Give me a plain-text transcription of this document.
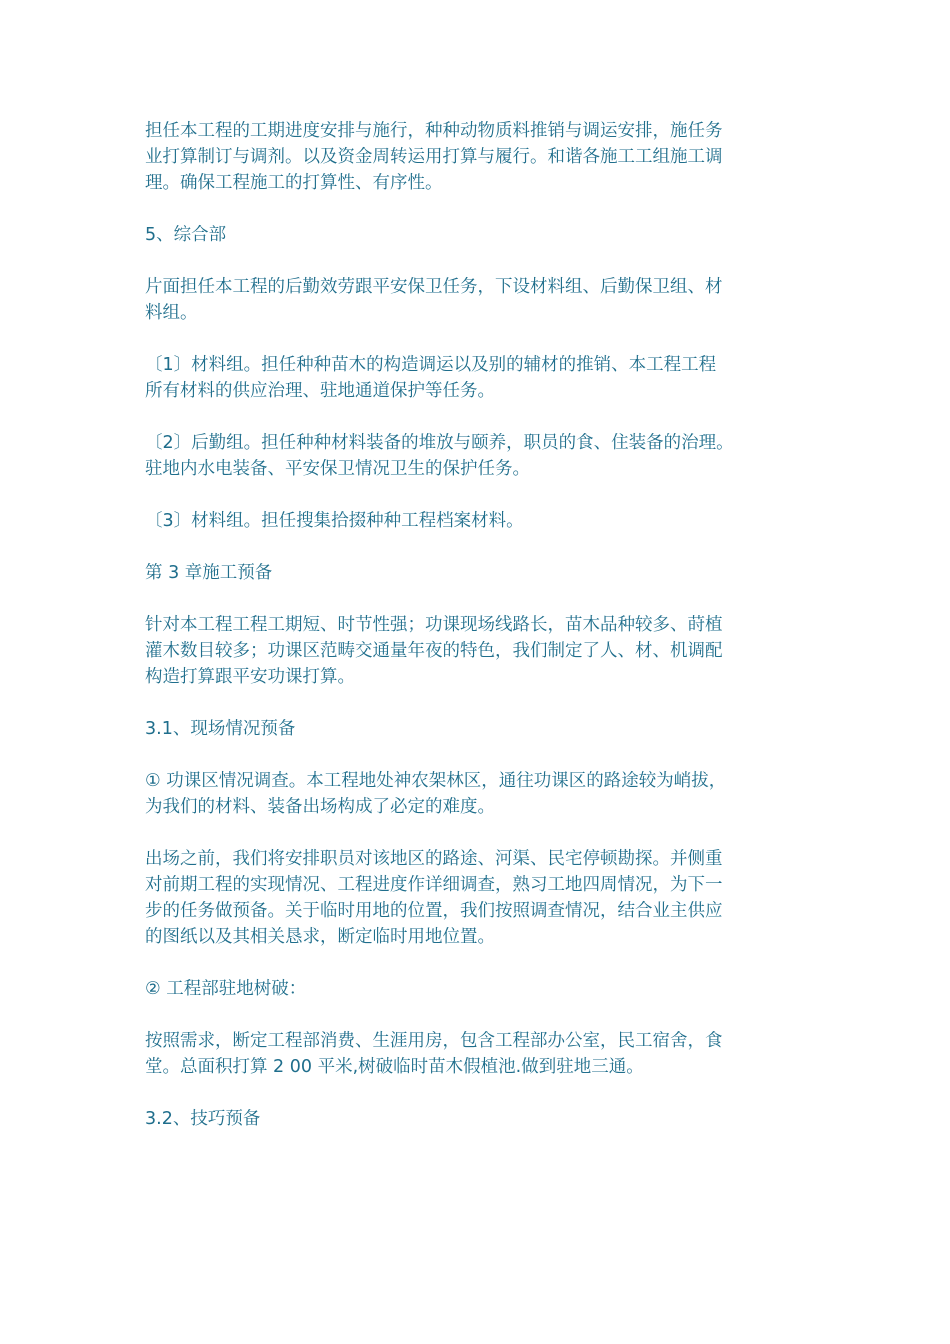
担任本工程的工期进度安排与施行，种种动物质料推销与调运安排，施任务
业打算制订与调剂。以及资金周转运用打算与履行。和谐各施工工组施工调
理。确保工程施工的打算性、有序性。

5、综合部

片面担任本工程的后勤效劳跟平安保卫任务，下设材料组、后勤保卫组、材
料组。

〔1〕材料组。担任种种苗木的构造调运以及别的辅材的推销、本工程工程
所有材料的供应治理、驻地通道保护等任务。

〔2〕后勤组。担任种种材料装备的堆放与颐养，职员的食、住装备的治理。
驻地内水电装备、平安保卫情况卫生的保护任务。

〔3〕材料组。担任搜集拾掇种种工程档案材料。

第 3 章施工预备

针对本工程工程工期短、时节性强；功课现场线路长，苗木品种较多、莳植
灌木数目较多；功课区范畴交通量年夜的特色，我们制定了人、材、机调配
构造打算跟平安功课打算。

3.1、现场情况预备

① 功课区情况调查。本工程地处神农架林区，通往功课区的路途较为峭拔，
为我们的材料、装备出场构成了必定的难度。

出场之前，我们将安排职员对该地区的路途、河渠、民宅停顿勘探。并侧重
对前期工程的实现情况、工程进度作详细调查，熟习工地四周情况，为下一
步的任务做预备。关于临时用地的位置，我们按照调查情况，结合业主供应
的图纸以及其相关恳求，断定临时用地位置。

② 工程部驻地树破：

按照需求，断定工程部消费、生涯用房，包含工程部办公室，民工宿舍，食
堂。总面积打算 2 00 平米,树破临时苗木假植池.做到驻地三通。

3.2、技巧预备
